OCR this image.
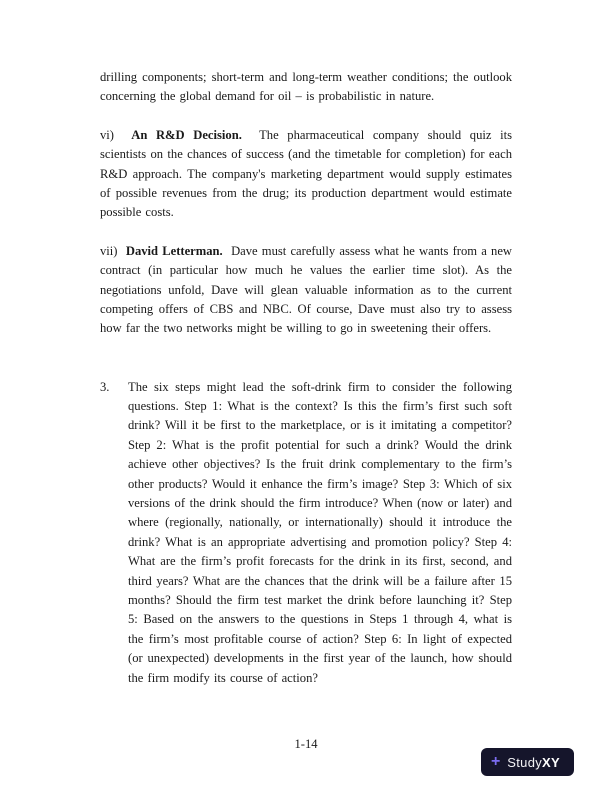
drilling components; short-term and long-term weather conditions; the outlook concerning the global demand for oil – is probabilistic in nature.

vi) An R&D Decision. The pharmaceutical company should quiz its scientists on the chances of success (and the timetable for completion) for each R&D approach. The company's marketing department would supply estimates of possible revenues from the drug; its production department would estimate possible costs.

vii) David Letterman. Dave must carefully assess what he wants from a new contract (in particular how much he values the earlier time slot). As the negotiations unfold, Dave will glean valuable information as to the current competing offers of CBS and NBC. Of course, Dave must also try to assess how far the two networks might be willing to go in sweetening their offers.

3.	The six steps might lead the soft-drink firm to consider the following questions. Step 1: What is the context? Is this the firm’s first such soft drink? Will it be first to the marketplace, or is it imitating a competitor? Step 2: What is the profit potential for such a drink? Would the drink achieve other objectives? Is the fruit drink complementary to the firm’s other products? Would it enhance the firm’s image? Step 3: Which of six versions of the drink should the firm introduce? When (now or later) and where (regionally, nationally, or internationally) should it introduce the drink? What is an appropriate advertising and promotion policy? Step 4: What are the firm’s profit forecasts for the drink in its first, second, and third years? What are the chances that the drink will be a failure after 15 months? Should the firm test market the drink before launching it? Step 5: Based on the answers to the questions in Steps 1 through 4, what is the firm’s most profitable course of action? Step 6: In light of expected (or unexpected) developments in the first year of the launch, how should the firm modify its course of action?
1-14
+ StudyXY
